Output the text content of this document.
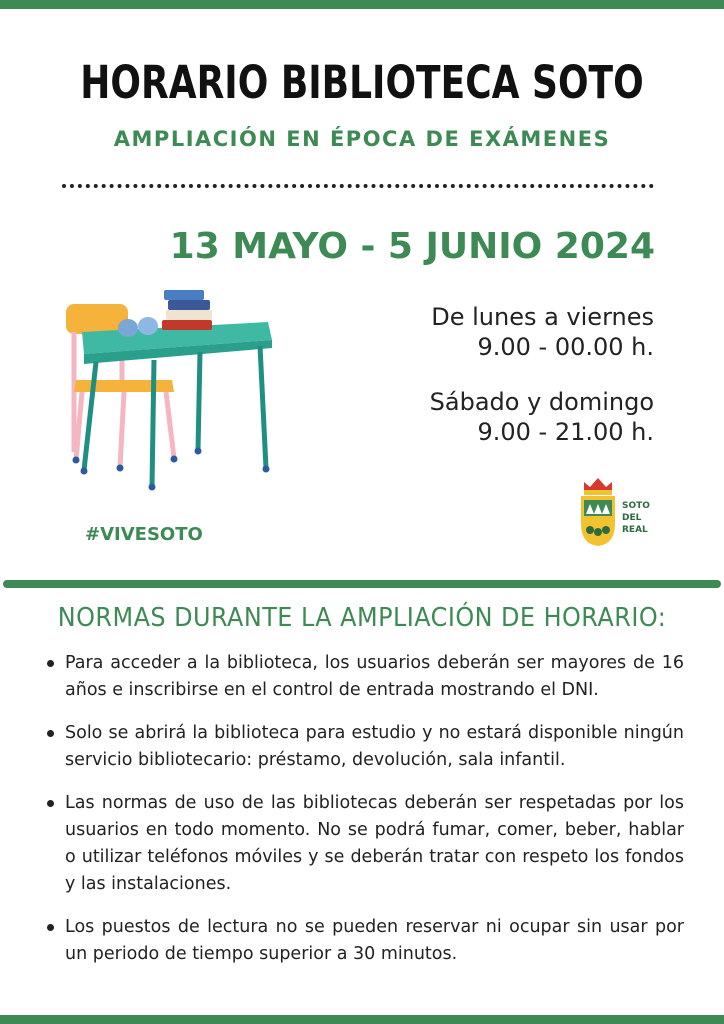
HORARIO BIBLIOTECA SOTO
AMPLIACIÓN EN ÉPOCA DE EXÁMENES
13 MAYO - 5 JUNIO 2024
De lunes a viernes
9.00 - 00.00 h.
Sábado y domingo
9.00 - 21.00 h.
#VIVESOTO
SOTO
DEL
REAL
NORMAS DURANTE LA AMPLIACIÓN DE HORARIO:
Para acceder a la biblioteca, los usuarios deberán ser mayores de 16 años e inscribirse en el control de entrada mostrando el DNI.
Solo se abrirá la biblioteca para estudio y no estará disponible ningún servicio bibliotecario: préstamo, devolución, sala infantil.
Las normas de uso de las bibliotecas deberán ser respetadas por los usuarios en todo momento. No se podrá fumar, comer, beber, hablar o utilizar teléfonos móviles y se deberán tratar con respeto los fondos y las instalaciones.
Los puestos de lectura no se pueden reservar ni ocupar sin usar por un periodo de tiempo superior a 30 minutos.
